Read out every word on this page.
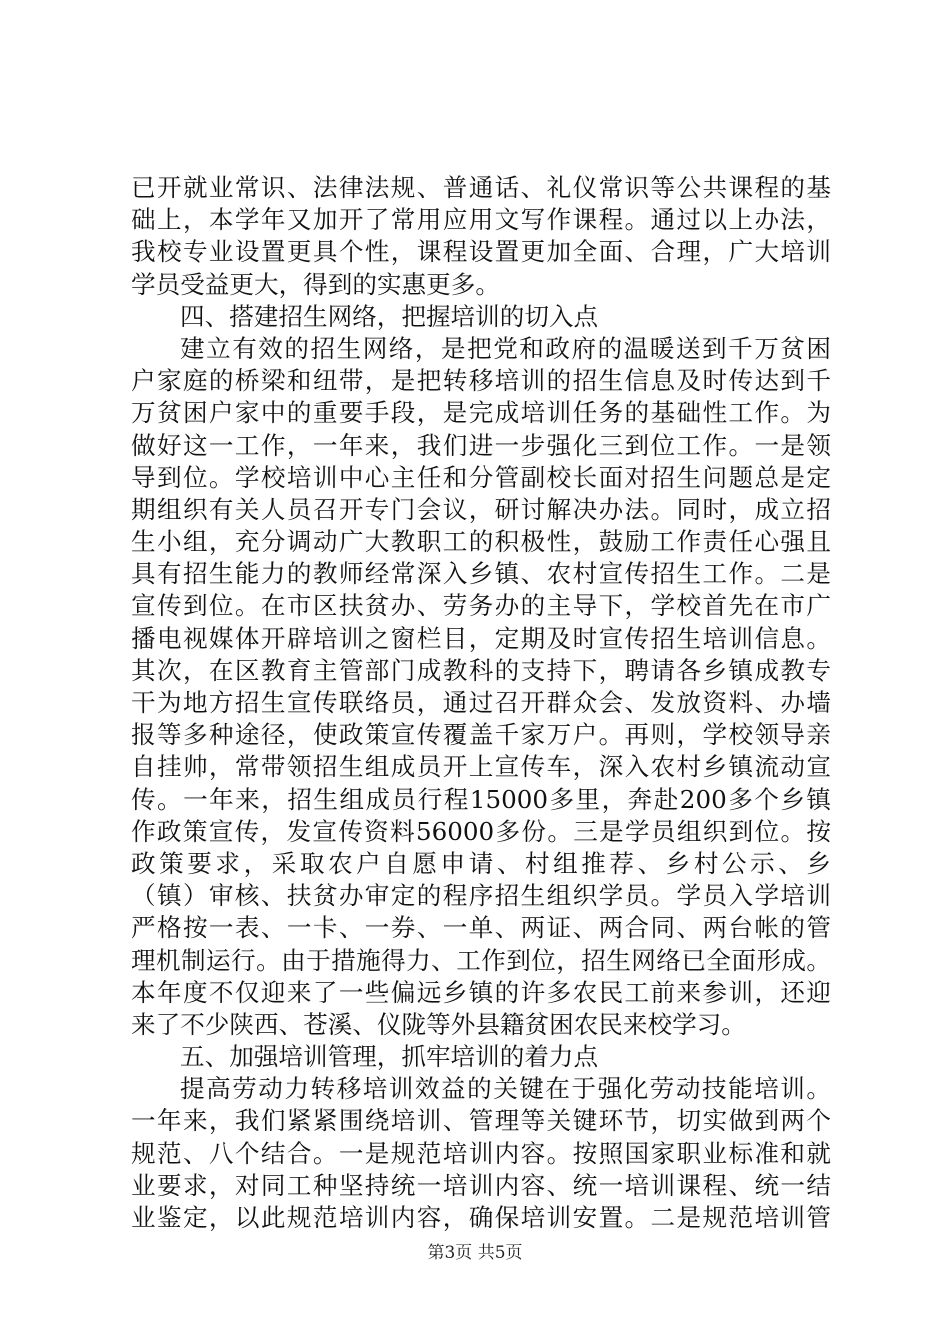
已开就业常识、法律法规、普通话、礼仪常识等公共课程的基
础上，本学年又加开了常用应用文写作课程。通过以上办法，
我校专业设置更具个性，课程设置更加全面、合理，广大培训
学员受益更大，得到的实惠更多。
四、搭建招生网络，把握培训的切入点
建立有效的招生网络，是把党和政府的温暖送到千万贫困
户家庭的桥梁和纽带，是把转移培训的招生信息及时传达到千
万贫困户家中的重要手段，是完成培训任务的基础性工作。为
做好这一工作，一年来，我们进一步强化三到位工作。一是领
导到位。学校培训中心主任和分管副校长面对招生问题总是定
期组织有关人员召开专门会议，研讨解决办法。同时，成立招
生小组，充分调动广大教职工的积极性，鼓励工作责任心强且
具有招生能力的教师经常深入乡镇、农村宣传招生工作。二是
宣传到位。在市区扶贫办、劳务办的主导下，学校首先在市广
播电视媒体开辟培训之窗栏目，定期及时宣传招生培训信息。
其次，在区教育主管部门成教科的支持下，聘请各乡镇成教专
干为地方招生宣传联络员，通过召开群众会、发放资料、办墙
报等多种途径，使政策宣传覆盖千家万户。再则，学校领导亲
自挂帅，常带领招生组成员开上宣传车，深入农村乡镇流动宣
传。一年来，招生组成员行程15000多里，奔赴200多个乡镇
作政策宣传，发宣传资料56000多份。三是学员组织到位。按
政策要求，采取农户自愿申请、村组推荐、乡村公示、乡
（镇）审核、扶贫办审定的程序招生组织学员。学员入学培训
严格按一表、一卡、一券、一单、两证、两合同、两台帐的管
理机制运行。由于措施得力、工作到位，招生网络已全面形成。
本年度不仅迎来了一些偏远乡镇的许多农民工前来参训，还迎
来了不少陕西、苍溪、仪陇等外县籍贫困农民来校学习。
五、加强培训管理，抓牢培训的着力点
提高劳动力转移培训效益的关键在于强化劳动技能培训。
一年来，我们紧紧围绕培训、管理等关键环节，切实做到两个
规范、八个结合。一是规范培训内容。按照国家职业标准和就
业要求，对同工种坚持统一培训内容、统一培训课程、统一结
业鉴定，以此规范培训内容，确保培训安置。二是规范培训管
第3页 共5页
